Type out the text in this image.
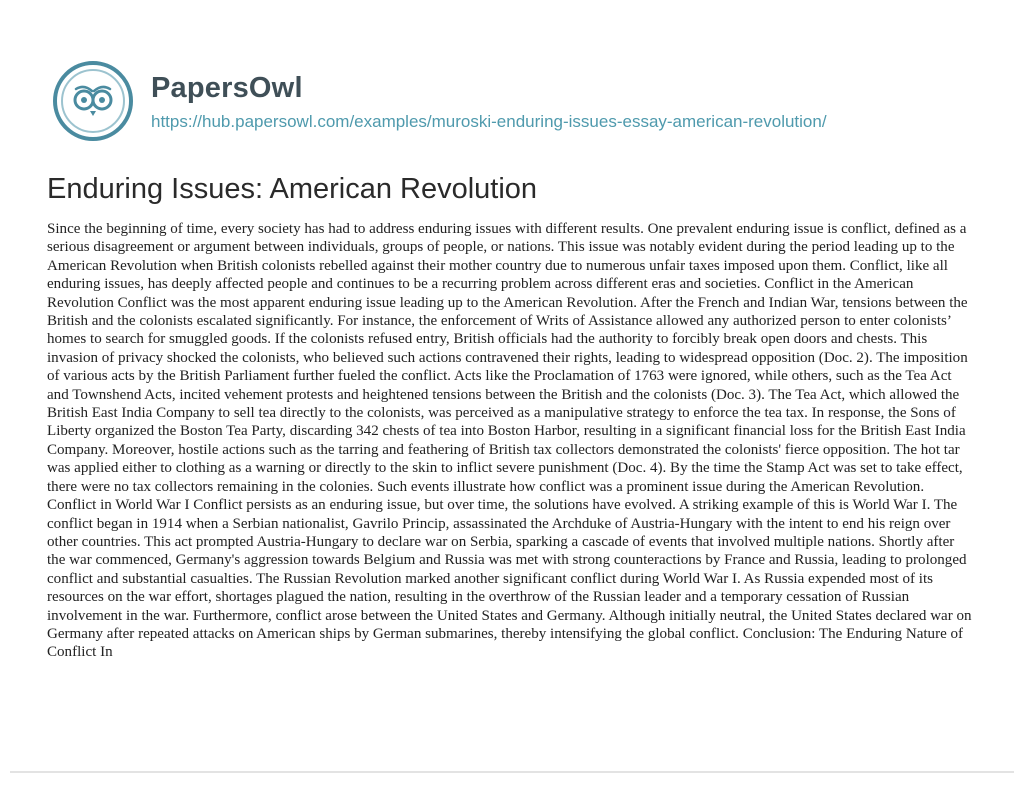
PapersOwl
https://hub.papersowl.com/examples/muroski-enduring-issues-essay-american-revolution/
Enduring Issues: American Revolution

Since the beginning of time, every society has had to address enduring issues with different results. One prevalent enduring issue is conflict, defined as a serious disagreement or argument between individuals, groups of people, or nations. This issue was notably evident during the period leading up to the American Revolution when British colonists rebelled against their mother country due to numerous unfair taxes imposed upon them. Conflict, like all enduring issues, has deeply affected people and continues to be a recurring problem across different eras and societies. Conflict in the American Revolution Conflict was the most apparent enduring issue leading up to the American Revolution. After the French and Indian War, tensions between the British and the colonists escalated significantly. For instance, the enforcement of Writs of Assistance allowed any authorized person to enter colonists’ homes to search for smuggled goods. If the colonists refused entry, British officials had the authority to forcibly break open doors and chests. This invasion of privacy shocked the colonists, who believed such actions contravened their rights, leading to widespread opposition (Doc. 2). The imposition of various acts by the British Parliament further fueled the conflict. Acts like the Proclamation of 1763 were ignored, while others, such as the Tea Act and Townshend Acts, incited vehement protests and heightened tensions between the British and the colonists (Doc. 3). The Tea Act, which allowed the British East India Company to sell tea directly to the colonists, was perceived as a manipulative strategy to enforce the tea tax. In response, the Sons of Liberty organized the Boston Tea Party, discarding 342 chests of tea into Boston Harbor, resulting in a significant financial loss for the British East India Company. Moreover, hostile actions such as the tarring and feathering of British tax collectors demonstrated the colonists' fierce opposition. The hot tar was applied either to clothing as a warning or directly to the skin to inflict severe punishment (Doc. 4). By the time the Stamp Act was set to take effect, there were no tax collectors remaining in the colonies. Such events illustrate how conflict was a prominent issue during the American Revolution. Conflict in World War I Conflict persists as an enduring issue, but over time, the solutions have evolved. A striking example of this is World War I. The conflict began in 1914 when a Serbian nationalist, Gavrilo Princip, assassinated the Archduke of Austria-Hungary with the intent to end his reign over other countries. This act prompted Austria-Hungary to declare war on Serbia, sparking a cascade of events that involved multiple nations. Shortly after the war commenced, Germany's aggression towards Belgium and Russia was met with strong counteractions by France and Russia, leading to prolonged conflict and substantial casualties. The Russian Revolution marked another significant conflict during World War I. As Russia expended most of its resources on the war effort, shortages plagued the nation, resulting in the overthrow of the Russian leader and a temporary cessation of Russian involvement in the war. Furthermore, conflict arose between the United States and Germany. Although initially neutral, the United States declared war on Germany after repeated attacks on American ships by German submarines, thereby intensifying the global conflict. Conclusion: The Enduring Nature of Conflict In
